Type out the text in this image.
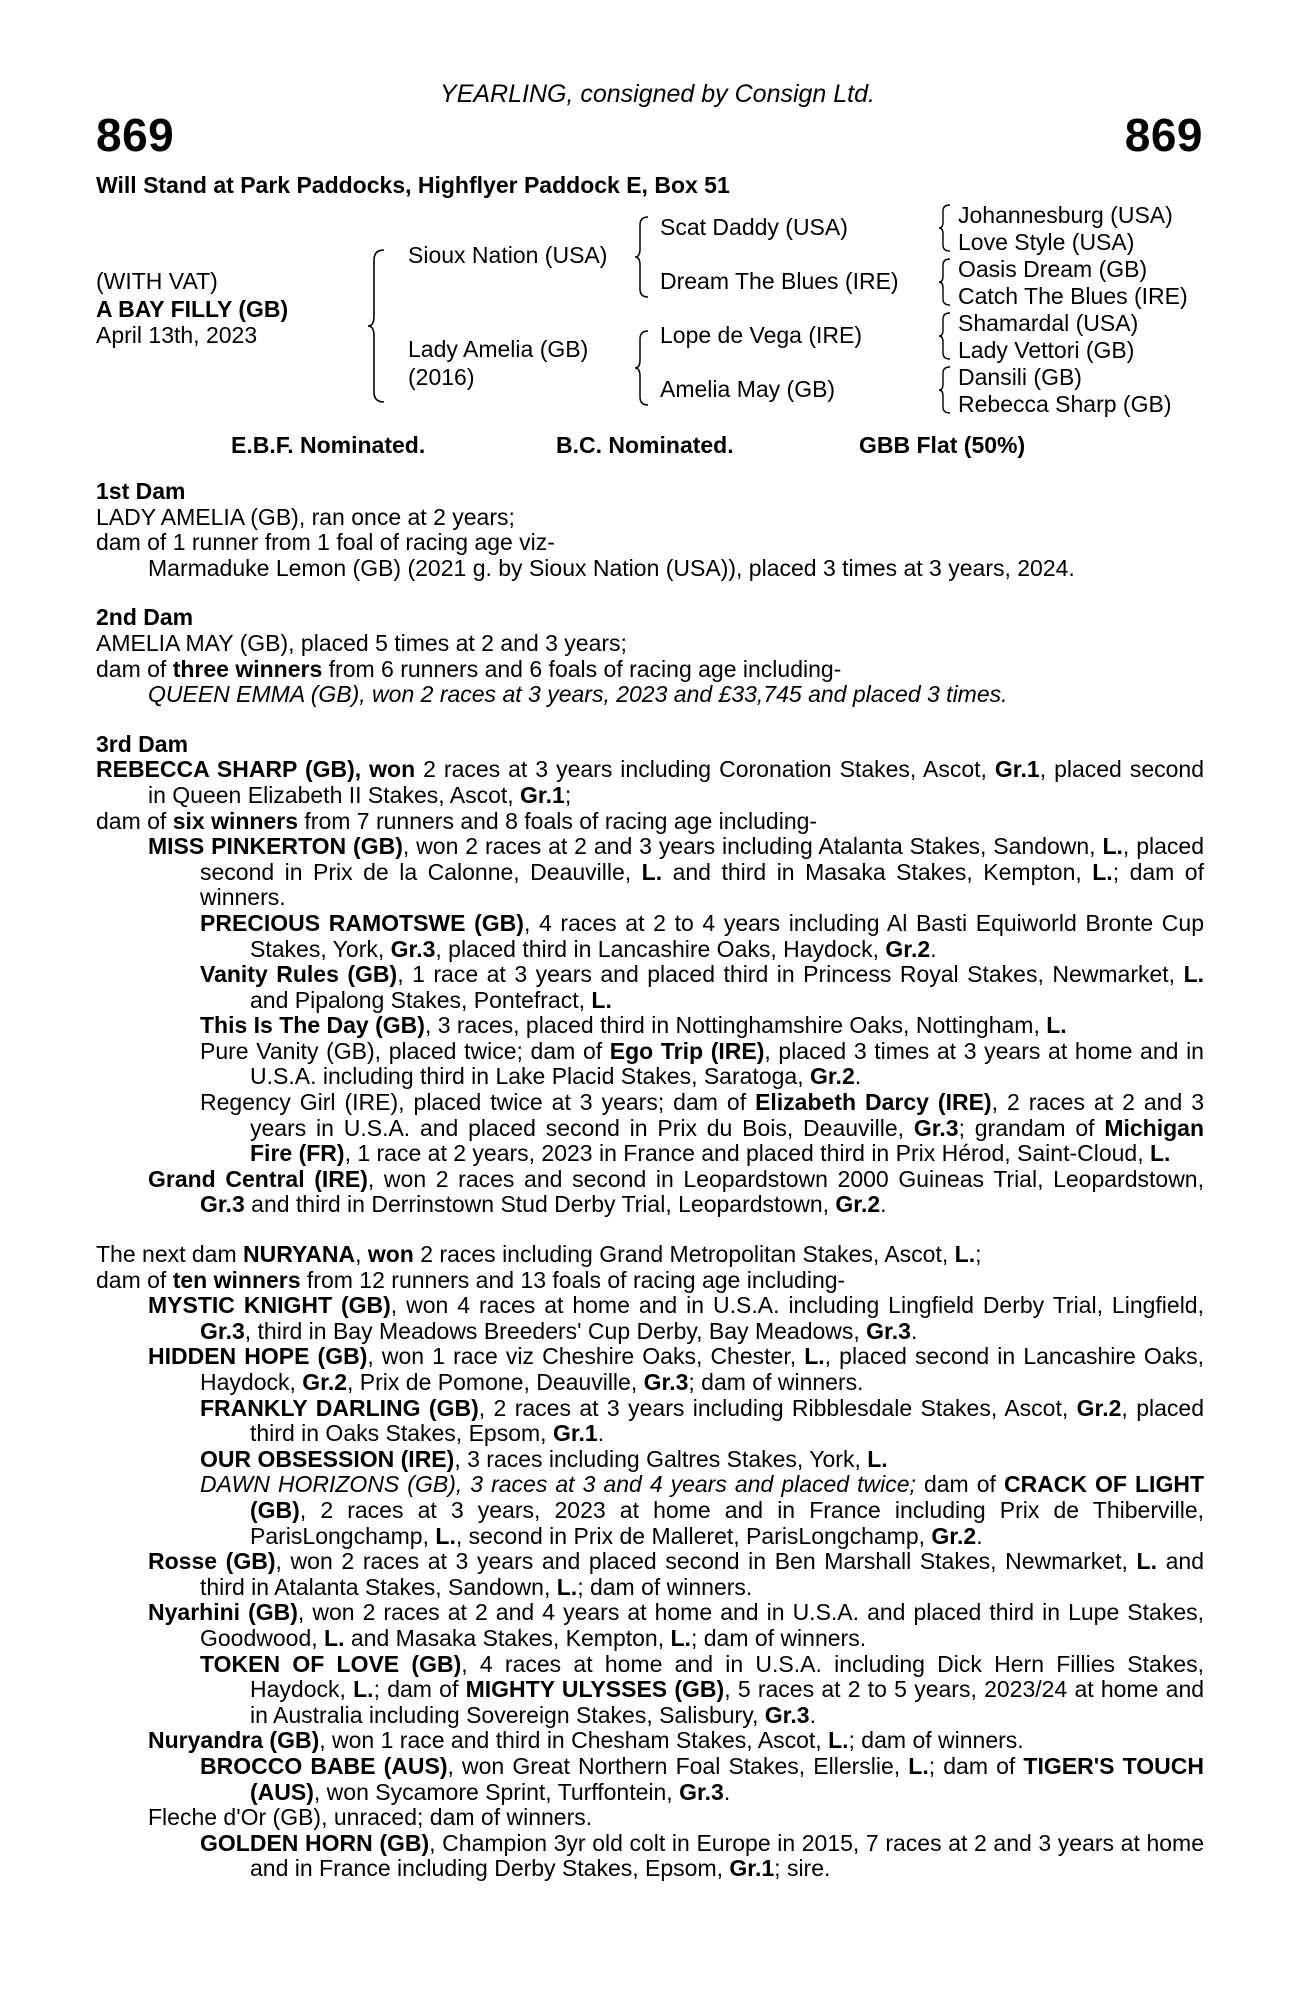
YEARLING, consigned by Consign Ltd.
869	869
Will Stand at Park Paddocks, Highflyer Paddock E, Box 51
(WITH VAT)
A BAY FILLY (GB)
April 13th, 2023
Sioux Nation (USA)
Lady Amelia (GB)
(2016)
Scat Daddy (USA)
Dream The Blues (IRE)
Lope de Vega (IRE)
Amelia May (GB)
Johannesburg (USA)
Love Style (USA)
Oasis Dream (GB)
Catch The Blues (IRE)
Shamardal (USA)
Lady Vettori (GB)
Dansili (GB)
Rebecca Sharp (GB)
E.B.F. Nominated.	B.C. Nominated.	GBB Flat (50%)

1st Dam

LADY AMELIA (GB), ran once at 2 years;

dam of 1 runner from 1 foal of racing age viz-

Marmaduke Lemon (GB) (2021 g. by Sioux Nation (USA)), placed 3 times at 3 years, 2024.

2nd Dam

AMELIA MAY (GB), placed 5 times at 2 and 3 years;

dam of three winners from 6 runners and 6 foals of racing age including-

QUEEN EMMA (GB), won 2 races at 3 years, 2023 and £33,745 and placed 3 times.

3rd Dam

REBECCA SHARP (GB), won 2 races at 3 years including Coronation Stakes, Ascot, Gr.1, placed second in Queen Elizabeth II Stakes, Ascot, Gr.1;

dam of six winners from 7 runners and 8 foals of racing age including-

MISS PINKERTON (GB), won 2 races at 2 and 3 years including Atalanta Stakes, Sandown, L., placed second in Prix de la Calonne, Deauville, L. and third in Masaka Stakes, Kempton, L.; dam of winners.

PRECIOUS RAMOTSWE (GB), 4 races at 2 to 4 years including Al Basti Equiworld Bronte Cup Stakes, York, Gr.3, placed third in Lancashire Oaks, Haydock, Gr.2.

Vanity Rules (GB), 1 race at 3 years and placed third in Princess Royal Stakes, Newmarket, L. and Pipalong Stakes, Pontefract, L.

This Is The Day (GB), 3 races, placed third in Nottinghamshire Oaks, Nottingham, L.

Pure Vanity (GB), placed twice; dam of Ego Trip (IRE), placed 3 times at 3 years at home and in U.S.A. including third in Lake Placid Stakes, Saratoga, Gr.2.

Regency Girl (IRE), placed twice at 3 years; dam of Elizabeth Darcy (IRE), 2 races at 2 and 3 years in U.S.A. and placed second in Prix du Bois, Deauville, Gr.3; grandam of Michigan Fire (FR), 1 race at 2 years, 2023 in France and placed third in Prix Hérod, Saint-Cloud, L.

Grand Central (IRE), won 2 races and second in Leopardstown 2000 Guineas Trial, Leopardstown, Gr.3 and third in Derrinstown Stud Derby Trial, Leopardstown, Gr.2.

The next dam NURYANA, won 2 races including Grand Metropolitan Stakes, Ascot, L.;

dam of ten winners from 12 runners and 13 foals of racing age including-

MYSTIC KNIGHT (GB), won 4 races at home and in U.S.A. including Lingfield Derby Trial, Lingfield, Gr.3, third in Bay Meadows Breeders' Cup Derby, Bay Meadows, Gr.3.

HIDDEN HOPE (GB), won 1 race viz Cheshire Oaks, Chester, L., placed second in Lancashire Oaks, Haydock, Gr.2, Prix de Pomone, Deauville, Gr.3; dam of winners.

FRANKLY DARLING (GB), 2 races at 3 years including Ribblesdale Stakes, Ascot, Gr.2, placed third in Oaks Stakes, Epsom, Gr.1.

OUR OBSESSION (IRE), 3 races including Galtres Stakes, York, L.

DAWN HORIZONS (GB), 3 races at 3 and 4 years and placed twice; dam of CRACK OF LIGHT (GB), 2 races at 3 years, 2023 at home and in France including Prix de Thiberville, ParisLongchamp, L., second in Prix de Malleret, ParisLongchamp, Gr.2.

Rosse (GB), won 2 races at 3 years and placed second in Ben Marshall Stakes, Newmarket, L. and third in Atalanta Stakes, Sandown, L.; dam of winners.

Nyarhini (GB), won 2 races at 2 and 4 years at home and in U.S.A. and placed third in Lupe Stakes, Goodwood, L. and Masaka Stakes, Kempton, L.; dam of winners.

TOKEN OF LOVE (GB), 4 races at home and in U.S.A. including Dick Hern Fillies Stakes, Haydock, L.; dam of MIGHTY ULYSSES (GB), 5 races at 2 to 5 years, 2023/24 at home and in Australia including Sovereign Stakes, Salisbury, Gr.3.

Nuryandra (GB), won 1 race and third in Chesham Stakes, Ascot, L.; dam of winners.

BROCCO BABE (AUS), won Great Northern Foal Stakes, Ellerslie, L.; dam of TIGER'S TOUCH (AUS), won Sycamore Sprint, Turffontein, Gr.3.

Fleche d'Or (GB), unraced; dam of winners.

GOLDEN HORN (GB), Champion 3yr old colt in Europe in 2015, 7 races at 2 and 3 years at home and in France including Derby Stakes, Epsom, Gr.1; sire.
